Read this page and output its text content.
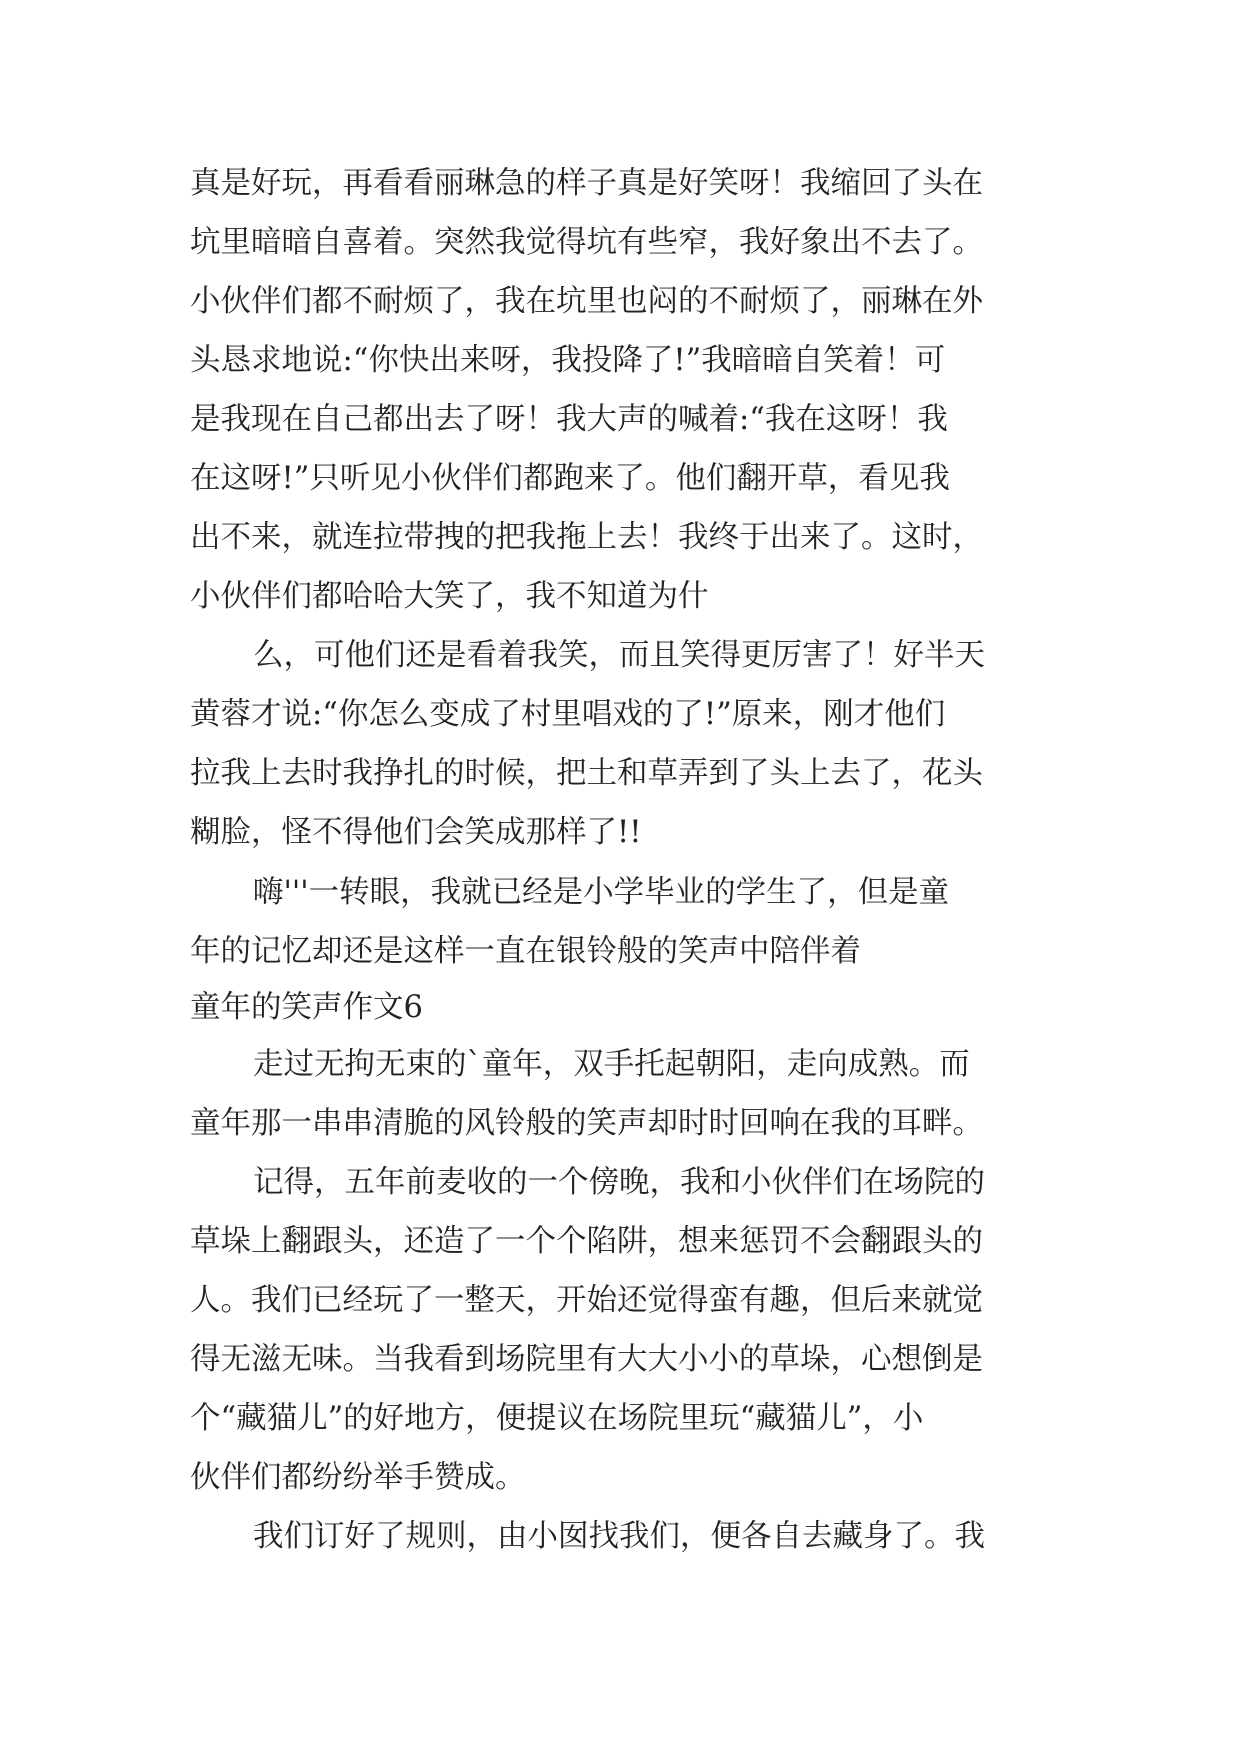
真是好玩，再看看丽琳急的样子真是好笑呀！我缩回了头在

坑里暗暗自喜着。突然我觉得坑有些窄，我好象出不去了。

小伙伴们都不耐烦了，我在坑里也闷的不耐烦了，丽琳在外

头恳求地说:“你快出来呀，我投降了!”我暗暗自笑着！可

是我现在自己都出去了呀！我大声的喊着:“我在这呀！我

在这呀!”只听见小伙伴们都跑来了。他们翻开草，看见我

出不来，就连拉带拽的把我拖上去！我终于出来了。这时，

小伙伴们都哈哈大笑了，我不知道为什

么，可他们还是看着我笑，而且笑得更厉害了！好半天

黄蓉才说:“你怎么变成了村里唱戏的了!”原来，刚才他们

拉我上去时我挣扎的时候，把土和草弄到了头上去了，花头

糊脸，怪不得他们会笑成那样了!!

嗨'''一转眼，我就已经是小学毕业的学生了，但是童

年的记忆却还是这样一直在银铃般的笑声中陪伴着

童年的笑声作文6

走过无拘无束的`童年，双手托起朝阳，走向成熟。而

童年那一串串清脆的风铃般的笑声却时时回响在我的耳畔。

记得，五年前麦收的一个傍晚，我和小伙伴们在场院的

草垛上翻跟头，还造了一个个陷阱，想来惩罚不会翻跟头的

人。我们已经玩了一整天，开始还觉得蛮有趣，但后来就觉

得无滋无味。当我看到场院里有大大小小的草垛，心想倒是

个“藏猫儿”的好地方，便提议在场院里玩“藏猫儿”，小

伙伴们都纷纷举手赞成。

我们订好了规则，由小囡找我们，便各自去藏身了。我
